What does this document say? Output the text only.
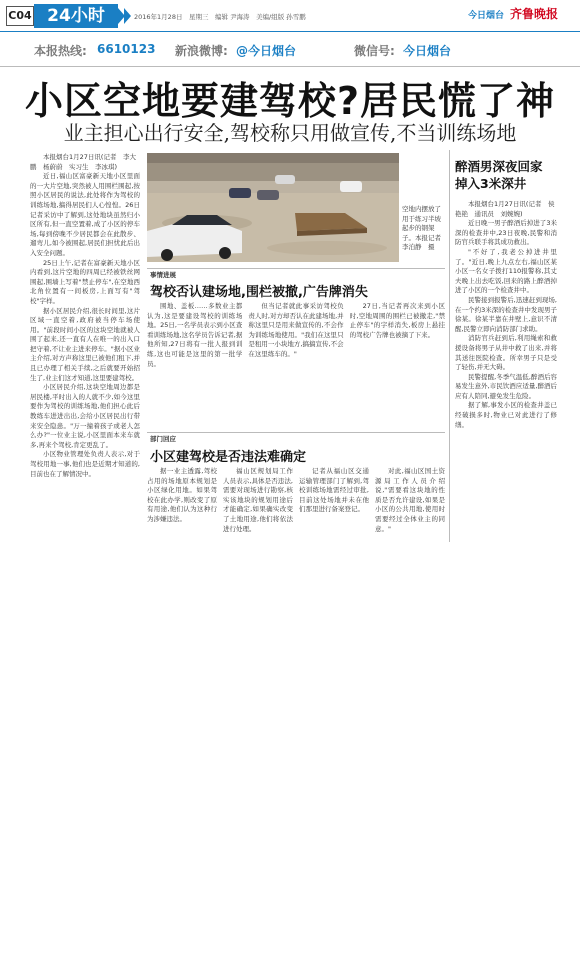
C04 24小时	2016年1月28日　星期三　编辑 尹海涛　美编/组版 孙雪鹏	今日烟台 齐鲁晚报
本报热线: 6610123 新浪微博: @今日烟台	微信号: 今日烟台
小区空地要建驾校?居民慌了神
业主担心出行安全,驾校称只用做宣传,不当训练场地
本报烟台1月27日讯(记者　李大鹏　杨蔚蔚　实习生　李冰琪)
近日,福山区富豪新天地小区里面的一大片空地,突然被人用围栏围起,按照小区居民的说法,此处将作为驾校的训练场地,搞得居民们人心惶惶。26日记者采访中了解到,这处地块虽然归小区所有,但一直空置着,成了小区的停车场,每到傍晚不少居民都会在此散步、遛弯儿,如今被围起,居民们担忧此后出入安全问题。
25日上午,记者在富豪新天地小区内看到,这片空地的四周已经被铁丝网围起,围墙上写着"禁止停车",在空地西北角位置有一间板房,上面写有"驾校"字样。
据小区居民介绍,很长时间里,这片区域一直空着,政府被当停车场使用。"前段时间小区的这块空地就被人围了起来,还一直有人在唯一的出入口把守着,不让业主进来停车。"据小区业主介绍,对方声称这里已被他们租下,并且已办理了相关手续,之后就要开始招生了,业主们这才知道,这里要建驾校。
小区居民介绍,这块空地周边都是居民楼,平时出入的人就不少,如今这里要作为驾校的训练场地,他们担心此后教练车进进出出,会给小区居民出行带来安全隐患。"万一撞着孩子或老人怎么办?"一位业主说,小区里面本来车就多,再来个驾校,肯定更乱了。
小区物业管理处负责人表示,对于驾校用地一事,他们也是近期才知道的,目前也在了解情况中。
空地内摆放了用于练习半坡起步的钢架子。本报记者　李泊静　摄
事情进展
驾校否认建场地,围栏被撤,广告牌消失
围地、盖板……多数业主都认为,这是要建设驾校的训练场地。25日,一名学员表示到小区查看训练场地,这名学员告诉记者,据他所知,27日将有一批人报到训练,这也可能是这里的第一批学员。
但当记者就此事采访驾校负责人时,对方却否认在此建场地,并称这里只是用来做宣传的,不会作为训练场地使用。"我们在这里只是租用一小块地方,搞搞宣传,不会在这里练车的。"
27日,当记者再次来到小区时,空地周围的围栏已被撤走,"禁止停车"的字样消失,板房上悬挂的驾校广告牌也被摘了下来。
部门回应
小区建驾校是否违法难确定
据一业主透露,驾校占用的场地原本规划是小区绿化用地。如果驾校在此办学,则改变了原有用途,他们认为这种行为涉嫌违法。
福山区规划局工作人员表示,具体是否违法,需要对现场进行勘察,核实该地块的规划用途后才能确定,如果确实改变了土地用途,他们将依法进行处理。
记者从福山区交通运输管理部门了解到,驾校训练场地需经过审批,目前这处场地并未在他们那里进行备案登记。
对此,福山区国土资源局工作人员介绍说,"需要看这块地的性质是否允许建设,如果是小区的公共用地,使用时需要经过全体业主的同意。"
醉酒男深夜回家
掉入3米深井
本报烟台1月27日讯(记者　侯艳艳　通讯员　刘婉婉)
近日晚一男子醉酒后掉进了3米深的检查井中,23日夜晚,民警和消防官兵联手将其成功救出。
"不好了,我老公掉进井里了。"近日,晚上九点左右,福山区某小区一名女子拨打110报警称,其丈夫晚上出去吃饭,回来的路上醉酒掉进了小区的一个检查井中。
民警接到报警后,迅速赶到现场,在一个约3米深的检查井中发现男子徐某。徐某半靠在井壁上,意识不清醒,民警立即向消防部门求助。
消防官兵赶到后,利用绳索和救援设备将男子从井中救了出来,并将其送往医院检查。所幸男子只是受了轻伤,并无大碍。
民警提醒,冬季气温低,醉酒后容易发生意外,市民饮酒应适量,醉酒后应有人陪同,避免发生危险。
据了解,事发小区的检查井盖已经破损多时,物业已对此进行了修缮。
